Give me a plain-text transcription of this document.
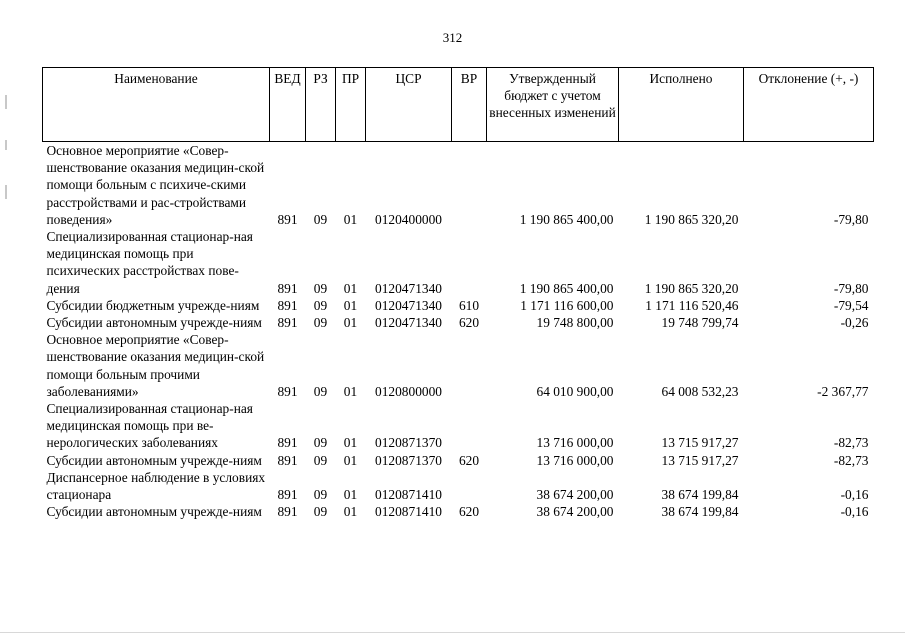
312
Наименование	ВЕД	РЗ	ПР	ЦСР	ВР	Утвержденный бюджет с учетом внесенных изменений	Исполнено	Отклонение (+, -)
Основное мероприятие «Совер-шенствование оказания медицин-ской помощи больным с психиче-скими расстройствами и рас-стройствами поведения»	891	09	01	0120400000		1 190 865 400,00	1 190 865 320,20	-79,80
Специализированная стационар-ная медицинская помощь при психических расстройствах пове-дения	891	09	01	0120471340		1 190 865 400,00	1 190 865 320,20	-79,80
Субсидии бюджетным учрежде-ниям	891	09	01	0120471340	610	1 171 116 600,00	1 171 116 520,46	-79,54
Субсидии автономным учрежде-ниям	891	09	01	0120471340	620	19 748 800,00	19 748 799,74	-0,26
Основное мероприятие «Совер-шенствование оказания медицин-ской помощи больным прочими заболеваниями»	891	09	01	0120800000		64 010 900,00	64 008 532,23	-2 367,77
Специализированная стационар-ная медицинская помощь при ве-нерологических заболеваниях	891	09	01	0120871370		13 716 000,00	13 715 917,27	-82,73
Субсидии автономным учрежде-ниям	891	09	01	0120871370	620	13 716 000,00	13 715 917,27	-82,73
Диспансерное наблюдение в условиях стационара	891	09	01	0120871410		38 674 200,00	38 674 199,84	-0,16
Субсидии автономным учрежде-ниям	891	09	01	0120871410	620	38 674 200,00	38 674 199,84	-0,16
